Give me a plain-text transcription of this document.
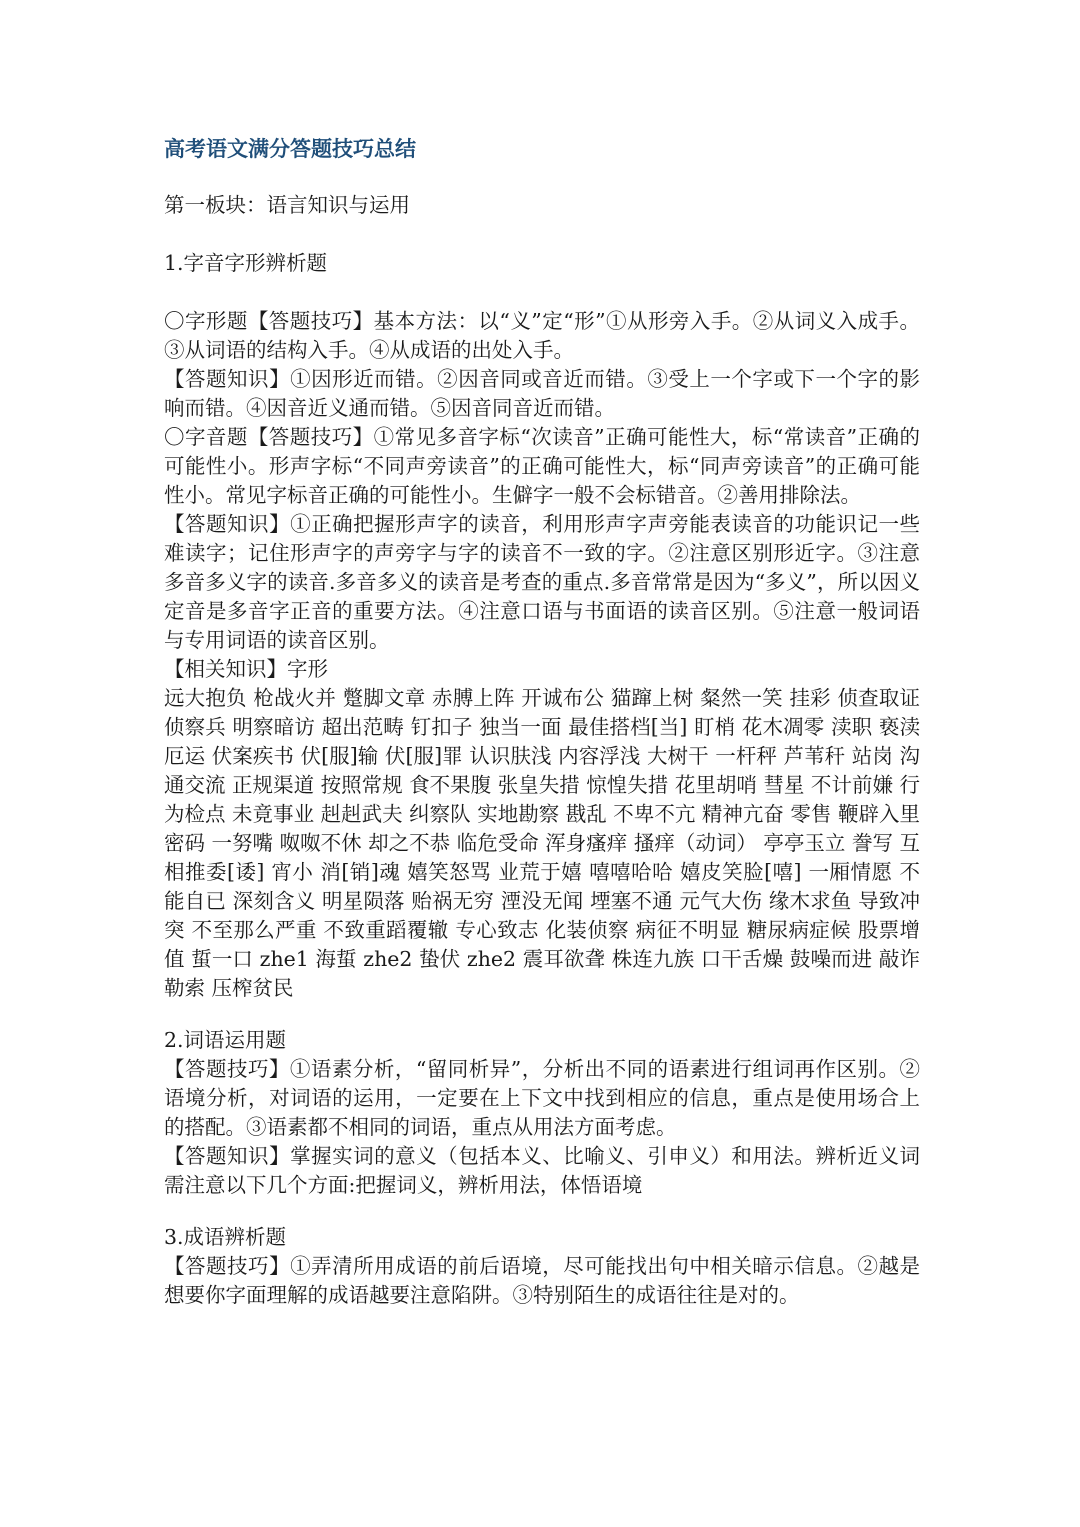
高考语文满分答题技巧总结
第一板块：语言知识与运用
1.字音字形辨析题
〇字形题【答题技巧】基本方法：以“义”定“形”①从形旁入手。②从词义入成手。③从词语的结构入手。④从成语的出处入手。
【答题知识】①因形近而错。②因音同或音近而错。③受上一个字或下一个字的影响而错。④因音近义通而错。⑤因音同音近而错。
〇字音题【答题技巧】①常见多音字标“次读音”正确可能性大，标“常读音”正确的可能性小。形声字标“不同声旁读音”的正确可能性大，标“同声旁读音”的正确可能性小。常见字标音正确的可能性小。生僻字一般不会标错音。②善用排除法。
【答题知识】①正确把握形声字的读音，利用形声字声旁能表读音的功能识记一些难读字；记住形声字的声旁字与字的读音不一致的字。②注意区别形近字。③注意多音多义字的读音.多音多义的读音是考查的重点.多音常常是因为“多义”，所以因义定音是多音字正音的重要方法。④注意口语与书面语的读音区别。⑤注意一般词语与专用词语的读音区别。
【相关知识】字形
远大抱负 枪战火并 蹩脚文章 赤膊上阵 开诚布公 猫蹿上树 粲然一笑 挂彩 侦查取证 侦察兵 明察暗访 超出范畴 钉扣子 独当一面 最佳搭档[当] 盯梢 花木凋零 渎职 亵渎 厄运 伏案疾书 伏[服]输 伏[服]罪 认识肤浅 内容浮浅 大树干 一杆秤 芦苇秆 站岗 沟通交流 正规渠道 按照常规 食不果腹 张皇失措 惊惶失措 花里胡哨 彗星 不计前嫌 行为检点 未竟事业 赳赳武夫 纠察队 实地勘察 戡乱 不卑不亢 精神亢奋 零售 鞭辟入里 密码 一努嘴 呶呶不休 却之不恭 临危受命 浑身瘙痒 搔痒（动词） 亭亭玉立 誊写 互相推委[诿] 宵小 消[销]魂 嬉笑怒骂 业荒于嬉 嘻嘻哈哈 嬉皮笑脸[嘻] 一厢情愿 不能自已 深刻含义 明星陨落 贻祸无穷 湮没无闻 堙塞不通 元气大伤 缘木求鱼 导致冲突 不至那么严重 不致重蹈覆辙 专心致志 化装侦察 病征不明显 糖尿病症候 股票增值 蜇一口 zhe1 海蜇 zhe2 蛰伏 zhe2 震耳欲聋 株连九族 口干舌燥 鼓噪而进 敲诈勒索 压榨贫民
2.词语运用题
【答题技巧】①语素分析，“留同析异”，分析出不同的语素进行组词再作区别。②语境分析，对词语的运用，一定要在上下文中找到相应的信息，重点是使用场合上的搭配。③语素都不相同的词语，重点从用法方面考虑。
【答题知识】掌握实词的意义（包括本义、比喻义、引申义）和用法。辨析近义词需注意以下几个方面:把握词义，辨析用法，体悟语境
3.成语辨析题
【答题技巧】①弄清所用成语的前后语境，尽可能找出句中相关暗示信息。②越是想要你字面理解的成语越要注意陷阱。③特别陌生的成语往往是对的。
